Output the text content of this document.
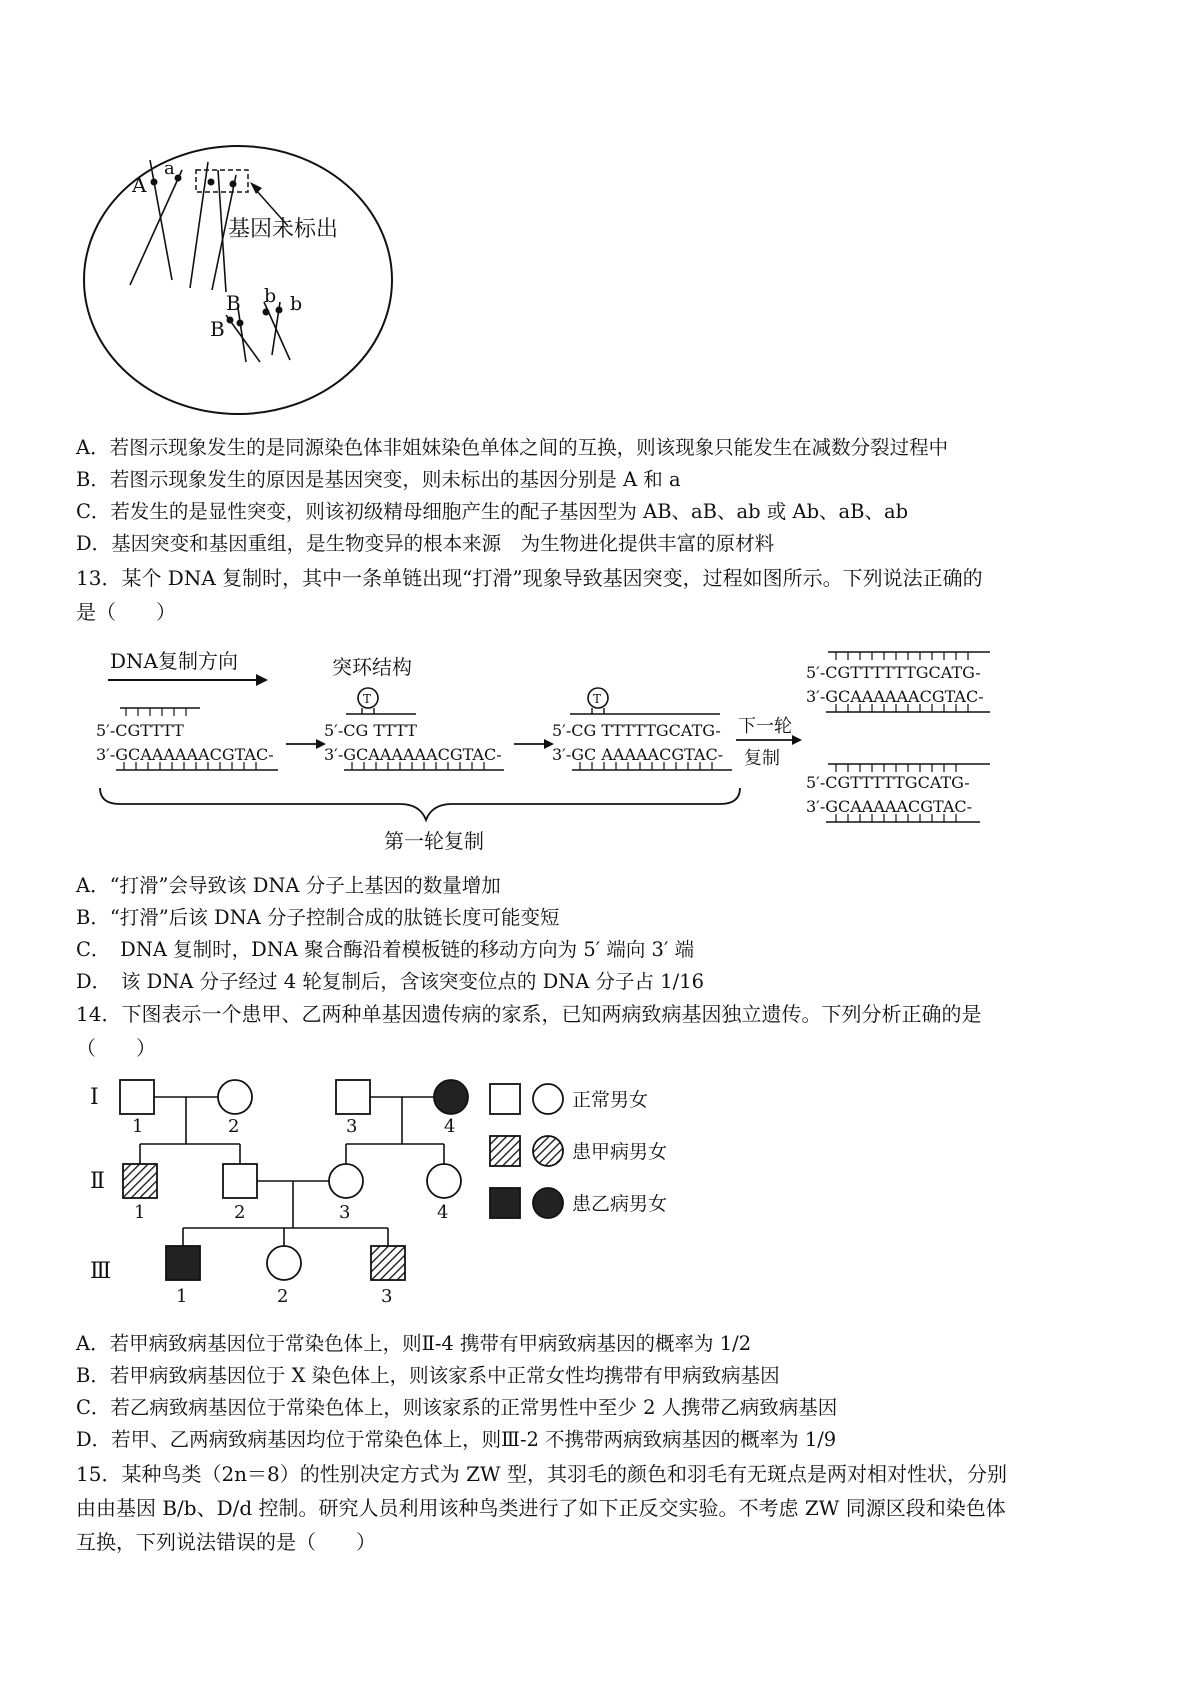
A
a
基因未标出
B
B
b b
A．若图示现象发生的是同源染色体非姐妹染色单体之间的互换，则该现象只能发生在减数分裂过程中
B．若图示现象发生的原因是基因突变，则未标出的基因分别是 A 和 a
C．若发生的是显性突变，则该初级精母细胞产生的配子基因型为 AB、aB、ab 或 Ab、aB、ab
D．基因突变和基因重组，是生物变异的根本来源　为生物进化提供丰富的原材料
13．某个 DNA 复制时，其中一条单链出现“打滑”现象导致基因突变，过程如图所示。下列说法正确的
是（　　）
DNA复制方向
5′-CGTTTT
3′-GCAAAAAACGTAC-
突环结构
T
5′-CG TTTT
3′-GCAAAAAACGTAC-
T
5′-CG TTTTTGCATG-
3′-GC AAAAACGTAC-
下一轮
复制
5′-CGTTTTTTGCATG-
3′-GCAAAAAACGTAC-
5′-CGTTTTTGCATG-
3′-GCAAAAACGTAC-
第一轮复制
A．“打滑”会导致该 DNA 分子上基因的数量增加
B．“打滑”后该 DNA 分子控制合成的肽链长度可能变短
C．　DNA 复制时，DNA 聚合酶沿着模板链的移动方向为 5′ 端向 3′ 端
D．　该 DNA 分子经过 4 轮复制后，含该突变位点的 DNA 分子占 1/16
14．下图表示一个患甲、乙两种单基因遗传病的家系，已知两病致病基因独立遗传。下列分析正确的是
（　　）
Ⅰ
Ⅱ
Ⅲ
1	2	3	4
1	2	3	4
1	2	3
正常男女
患甲病男女
患乙病男女
A．若甲病致病基因位于常染色体上，则Ⅱ-4 携带有甲病致病基因的概率为 1/2
B．若甲病致病基因位于 X 染色体上，则该家系中正常女性均携带有甲病致病基因
C．若乙病致病基因位于常染色体上，则该家系的正常男性中至少 2 人携带乙病致病基因
D．若甲、乙两病致病基因均位于常染色体上，则Ⅲ-2 不携带两病致病基因的概率为 1/9
15．某种鸟类（2n＝8）的性别决定方式为 ZW 型，其羽毛的颜色和羽毛有无斑点是两对相对性状，分别
由由基因 B/b、D/d 控制。研究人员利用该种鸟类进行了如下正反交实验。不考虑 ZW 同源区段和染色体
互换，下列说法错误的是（　　）
